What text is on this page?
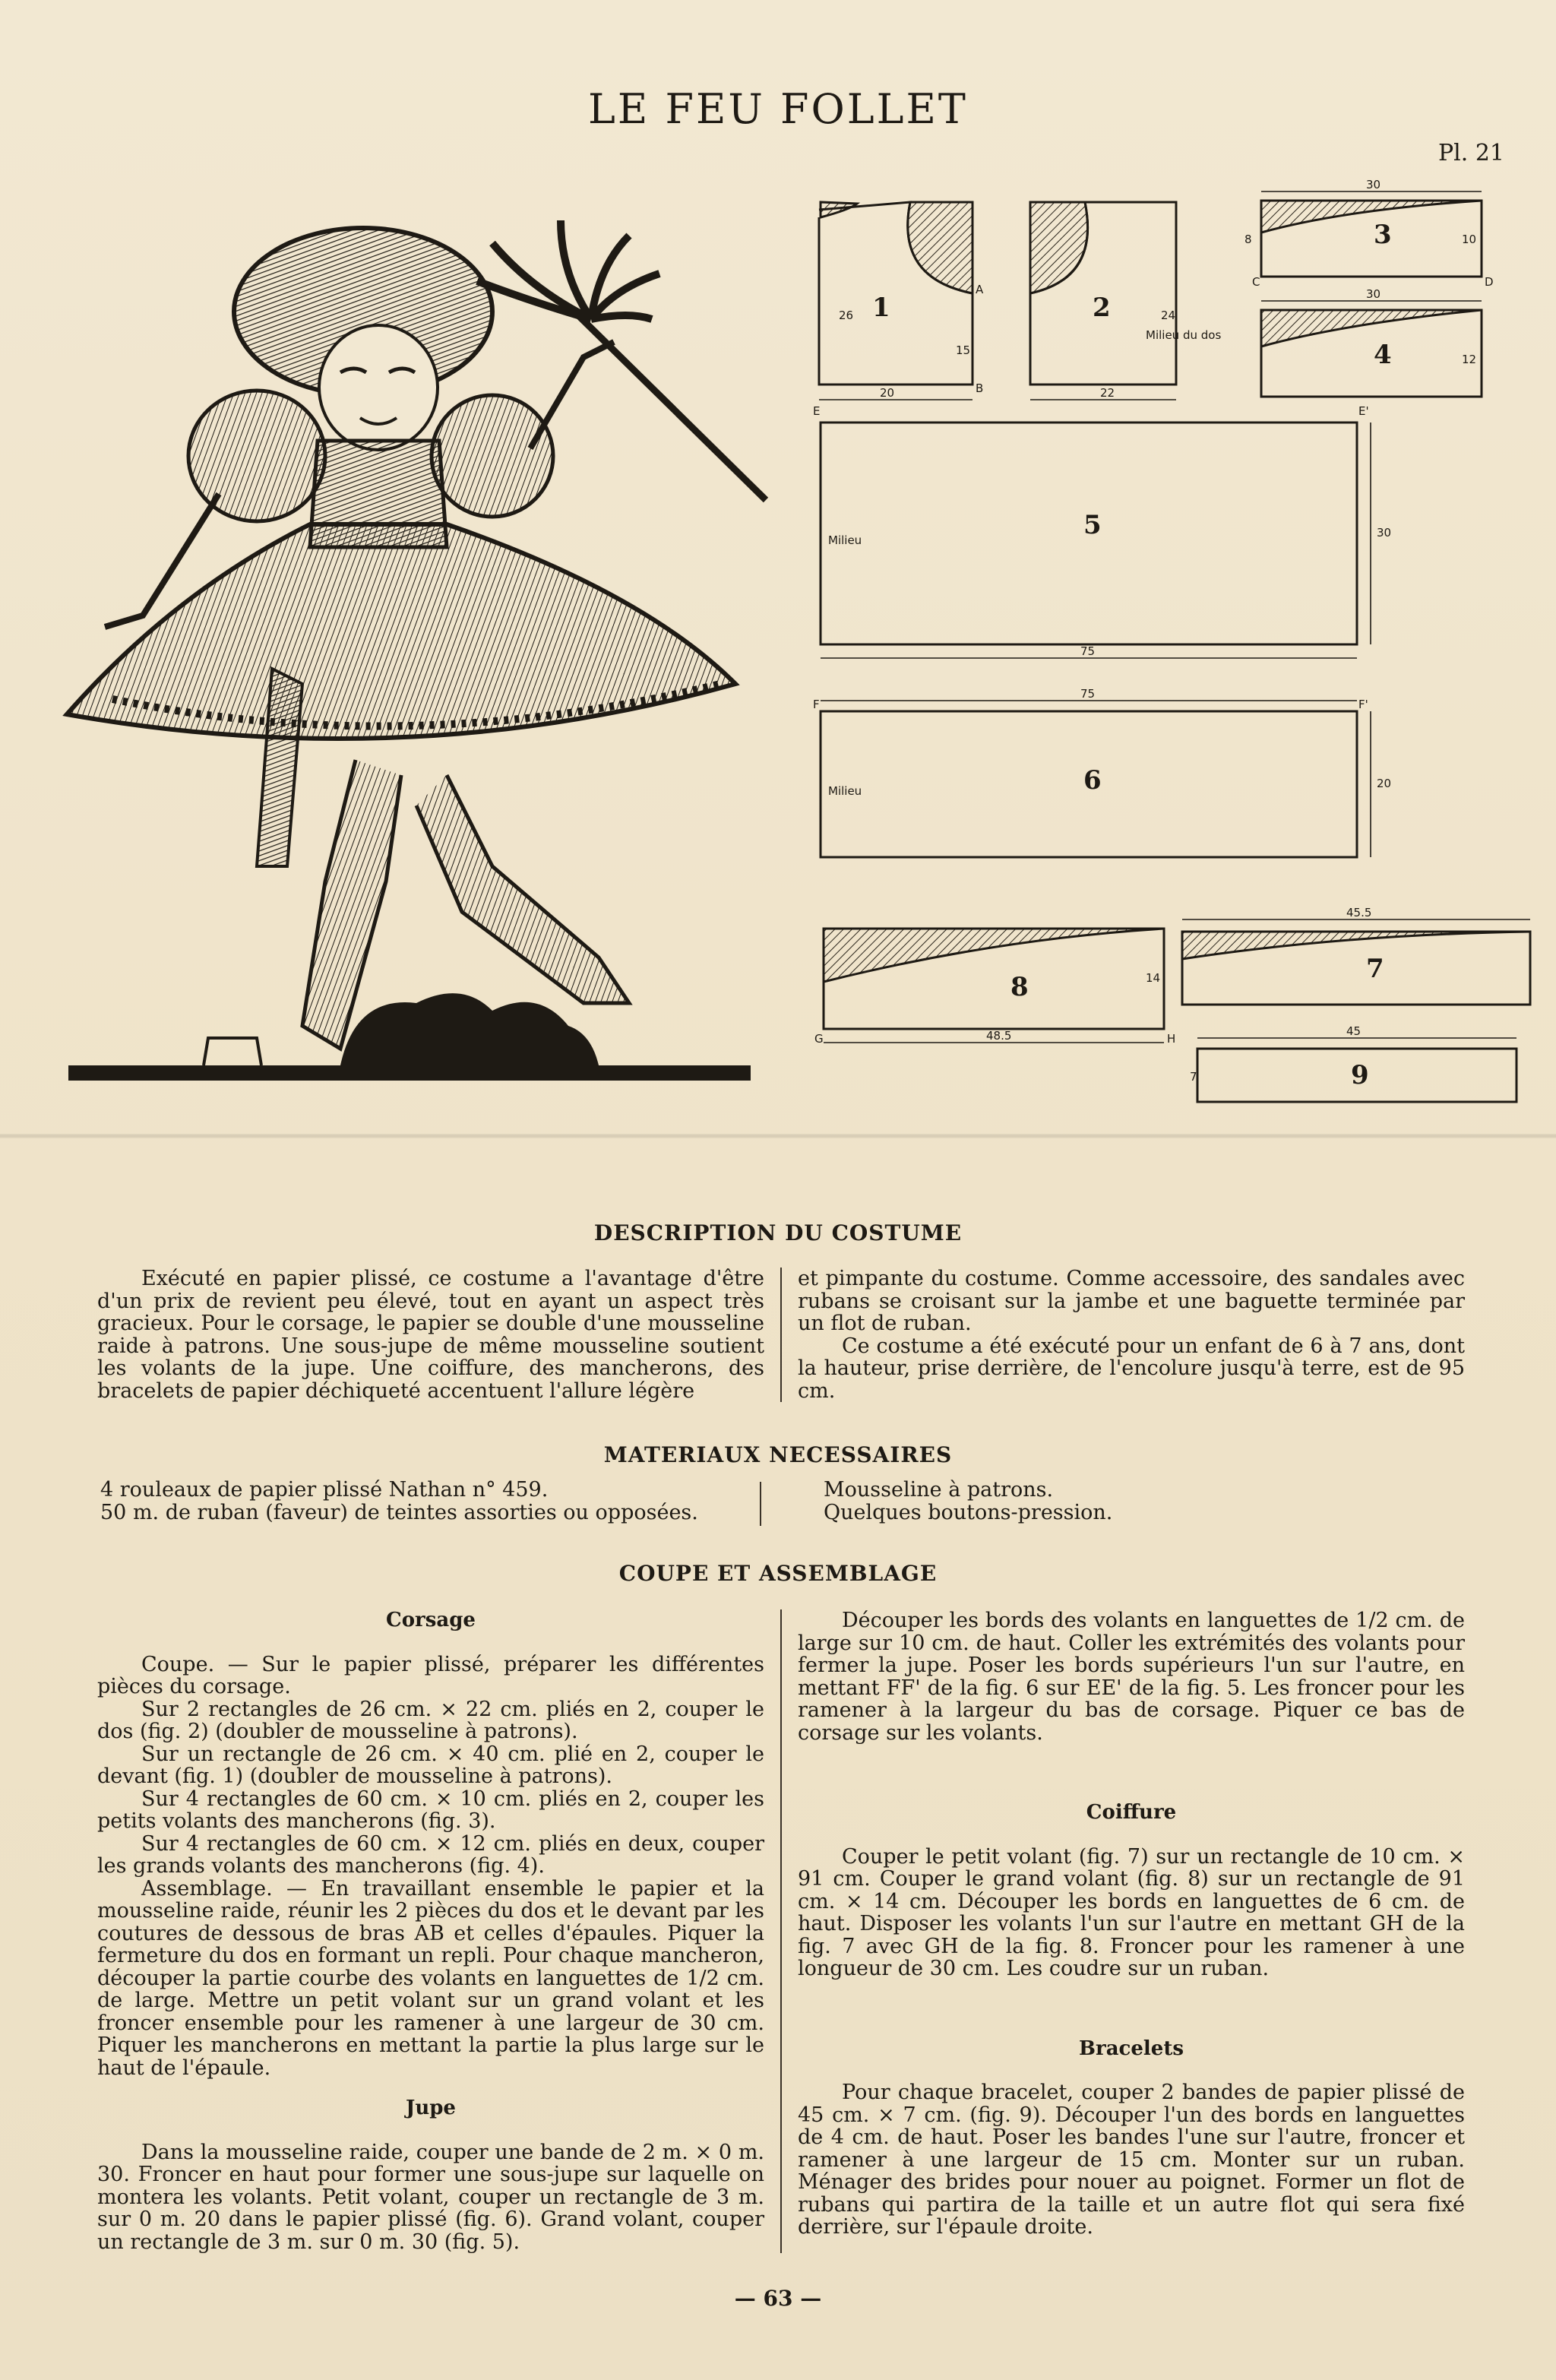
LE FEU FOLLET
Pl. 21
1	2
3
4
5
6
7
8
9
20	22
30
30
26	24
15
10
12
8
75
75
30
20
48.5
45.5
45
14
7
Milieu
Milieu
Milieu du dos
A
B
C	D
E	E'
F	F'
G	H
DESCRIPTION DU COSTUME

Exécuté en papier plissé, ce costume a l'avantage d'être d'un prix de revient peu élevé, tout en ayant un aspect très gracieux. Pour le corsage, le papier se double d'une mousseline raide à patrons. Une sous-jupe de même mousseline soutient les volants de la jupe. Une coiffure, des mancherons, des bracelets de papier déchiqueté accentuent l'allure légère

et pimpante du costume. Comme accessoire, des sandales avec rubans se croisant sur la jambe et une baguette terminée par un flot de ruban.

Ce costume a été exécuté pour un enfant de 6 à 7 ans, dont la hauteur, prise derrière, de l'encolure jusqu'à terre, est de 95 cm.

MATERIAUX NECESSAIRES
4 rouleaux de papier plissé Nathan n° 459.
50 m. de ruban (faveur) de teintes assorties ou opposées.
Mousseline à patrons.
Quelques boutons-pression.
COUPE ET ASSEMBLAGE

Corsage

Coupe. — Sur le papier plissé, préparer les différentes pièces du corsage.

Sur 2 rectangles de 26 cm. × 22 cm. pliés en 2, couper le dos (fig. 2) (doubler de mousseline à patrons).

Sur un rectangle de 26 cm. × 40 cm. plié en 2, couper le devant (fig. 1) (doubler de mousseline à patrons).

Sur 4 rectangles de 60 cm. × 10 cm. pliés en 2, couper les petits volants des mancherons (fig. 3).

Sur 4 rectangles de 60 cm. × 12 cm. pliés en deux, couper les grands volants des mancherons (fig. 4).

Assemblage. — En travaillant ensemble le papier et la mousseline raide, réunir les 2 pièces du dos et le devant par les coutures de dessous de bras AB et celles d'épaules. Piquer la fermeture du dos en formant un repli. Pour chaque mancheron, découper la partie courbe des volants en languettes de 1/2 cm. de large. Mettre un petit volant sur un grand volant et les froncer ensemble pour les ramener à une largeur de 30 cm. Piquer les mancherons en mettant la partie la plus large sur le haut de l'épaule.

Jupe

Dans la mousseline raide, couper une bande de 2 m. × 0 m. 30. Froncer en haut pour former une sous-jupe sur laquelle on montera les volants. Petit volant, couper un rectangle de 3 m. sur 0 m. 20 dans le papier plissé (fig. 6). Grand volant, couper un rectangle de 3 m. sur 0 m. 30 (fig. 5).

Découper les bords des volants en languettes de 1/2 cm. de large sur 10 cm. de haut. Coller les extrémités des volants pour fermer la jupe. Poser les bords supérieurs l'un sur l'autre, en mettant FF' de la fig. 6 sur EE' de la fig. 5. Les froncer pour les ramener à la largeur du bas de corsage. Piquer ce bas de corsage sur les volants.

Coiffure

Couper le petit volant (fig. 7) sur un rectangle de 10 cm. × 91 cm. Couper le grand volant (fig. 8) sur un rectangle de 91 cm. × 14 cm. Découper les bords en languettes de 6 cm. de haut. Disposer les volants l'un sur l'autre en mettant GH de la fig. 7 avec GH de la fig. 8. Froncer pour les ramener à une longueur de 30 cm. Les coudre sur un ruban.

Bracelets

Pour chaque bracelet, couper 2 bandes de papier plissé de 45 cm. × 7 cm. (fig. 9). Découper l'un des bords en languettes de 4 cm. de haut. Poser les bandes l'une sur l'autre, froncer et ramener à une largeur de 15 cm. Monter sur un ruban. Ménager des brides pour nouer au poignet. Former un flot de rubans qui partira de la taille et un autre flot qui sera fixé derrière, sur l'épaule droite.

— 63 —
